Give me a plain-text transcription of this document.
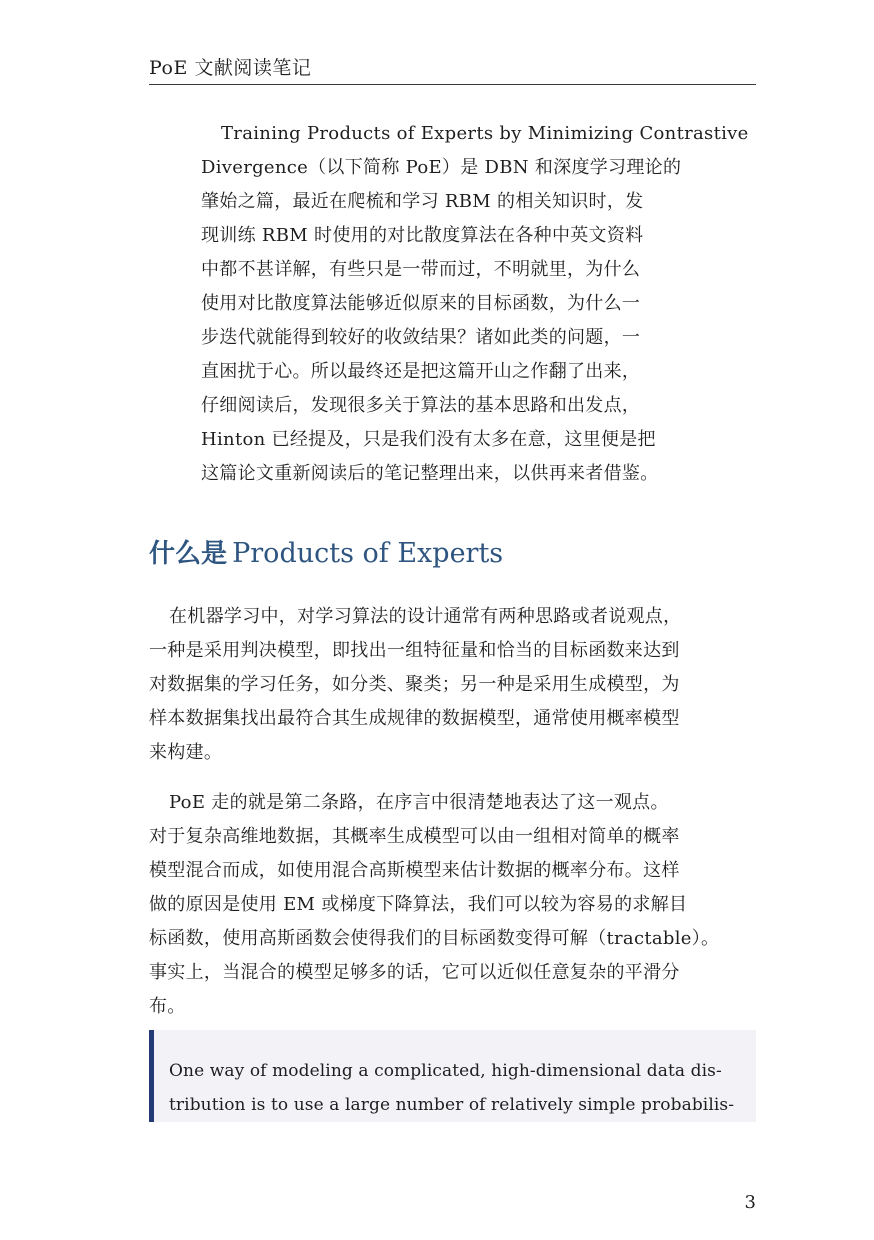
PoE 文献阅读笔记
Training Products of Experts by Minimizing Contrastive
Divergence（以下简称 PoE）是 DBN 和深度学习理论的
肇始之篇，最近在爬梳和学习 RBM 的相关知识时，发
现训练 RBM 时使用的对比散度算法在各种中英文资料
中都不甚详解，有些只是一带而过，不明就里，为什么
使用对比散度算法能够近似原来的目标函数，为什么一
步迭代就能得到较好的收敛结果？诸如此类的问题，一
直困扰于心。所以最终还是把这篇开山之作翻了出来，
仔细阅读后，发现很多关于算法的基本思路和出发点，
Hinton 已经提及，只是我们没有太多在意，这里便是把
这篇论文重新阅读后的笔记整理出来，以供再来者借鉴。
什么是 Products of Experts
在机器学习中，对学习算法的设计通常有两种思路或者说观点，
一种是采用判决模型，即找出一组特征量和恰当的目标函数来达到
对数据集的学习任务，如分类、聚类；另一种是采用生成模型，为
样本数据集找出最符合其生成规律的数据模型，通常使用概率模型
来构建。
PoE 走的就是第二条路，在序言中很清楚地表达了这一观点。
对于复杂高维地数据，其概率生成模型可以由一组相对简单的概率
模型混合而成，如使用混合高斯模型来估计数据的概率分布。这样
做的原因是使用 EM 或梯度下降算法，我们可以较为容易的求解目
标函数，使用高斯函数会使得我们的目标函数变得可解（tractable）。
事实上，当混合的模型足够多的话，它可以近似任意复杂的平滑分
布。
One way of modeling a complicated, high-dimensional data dis-
tribution is to use a large number of relatively simple probabilis-
3
